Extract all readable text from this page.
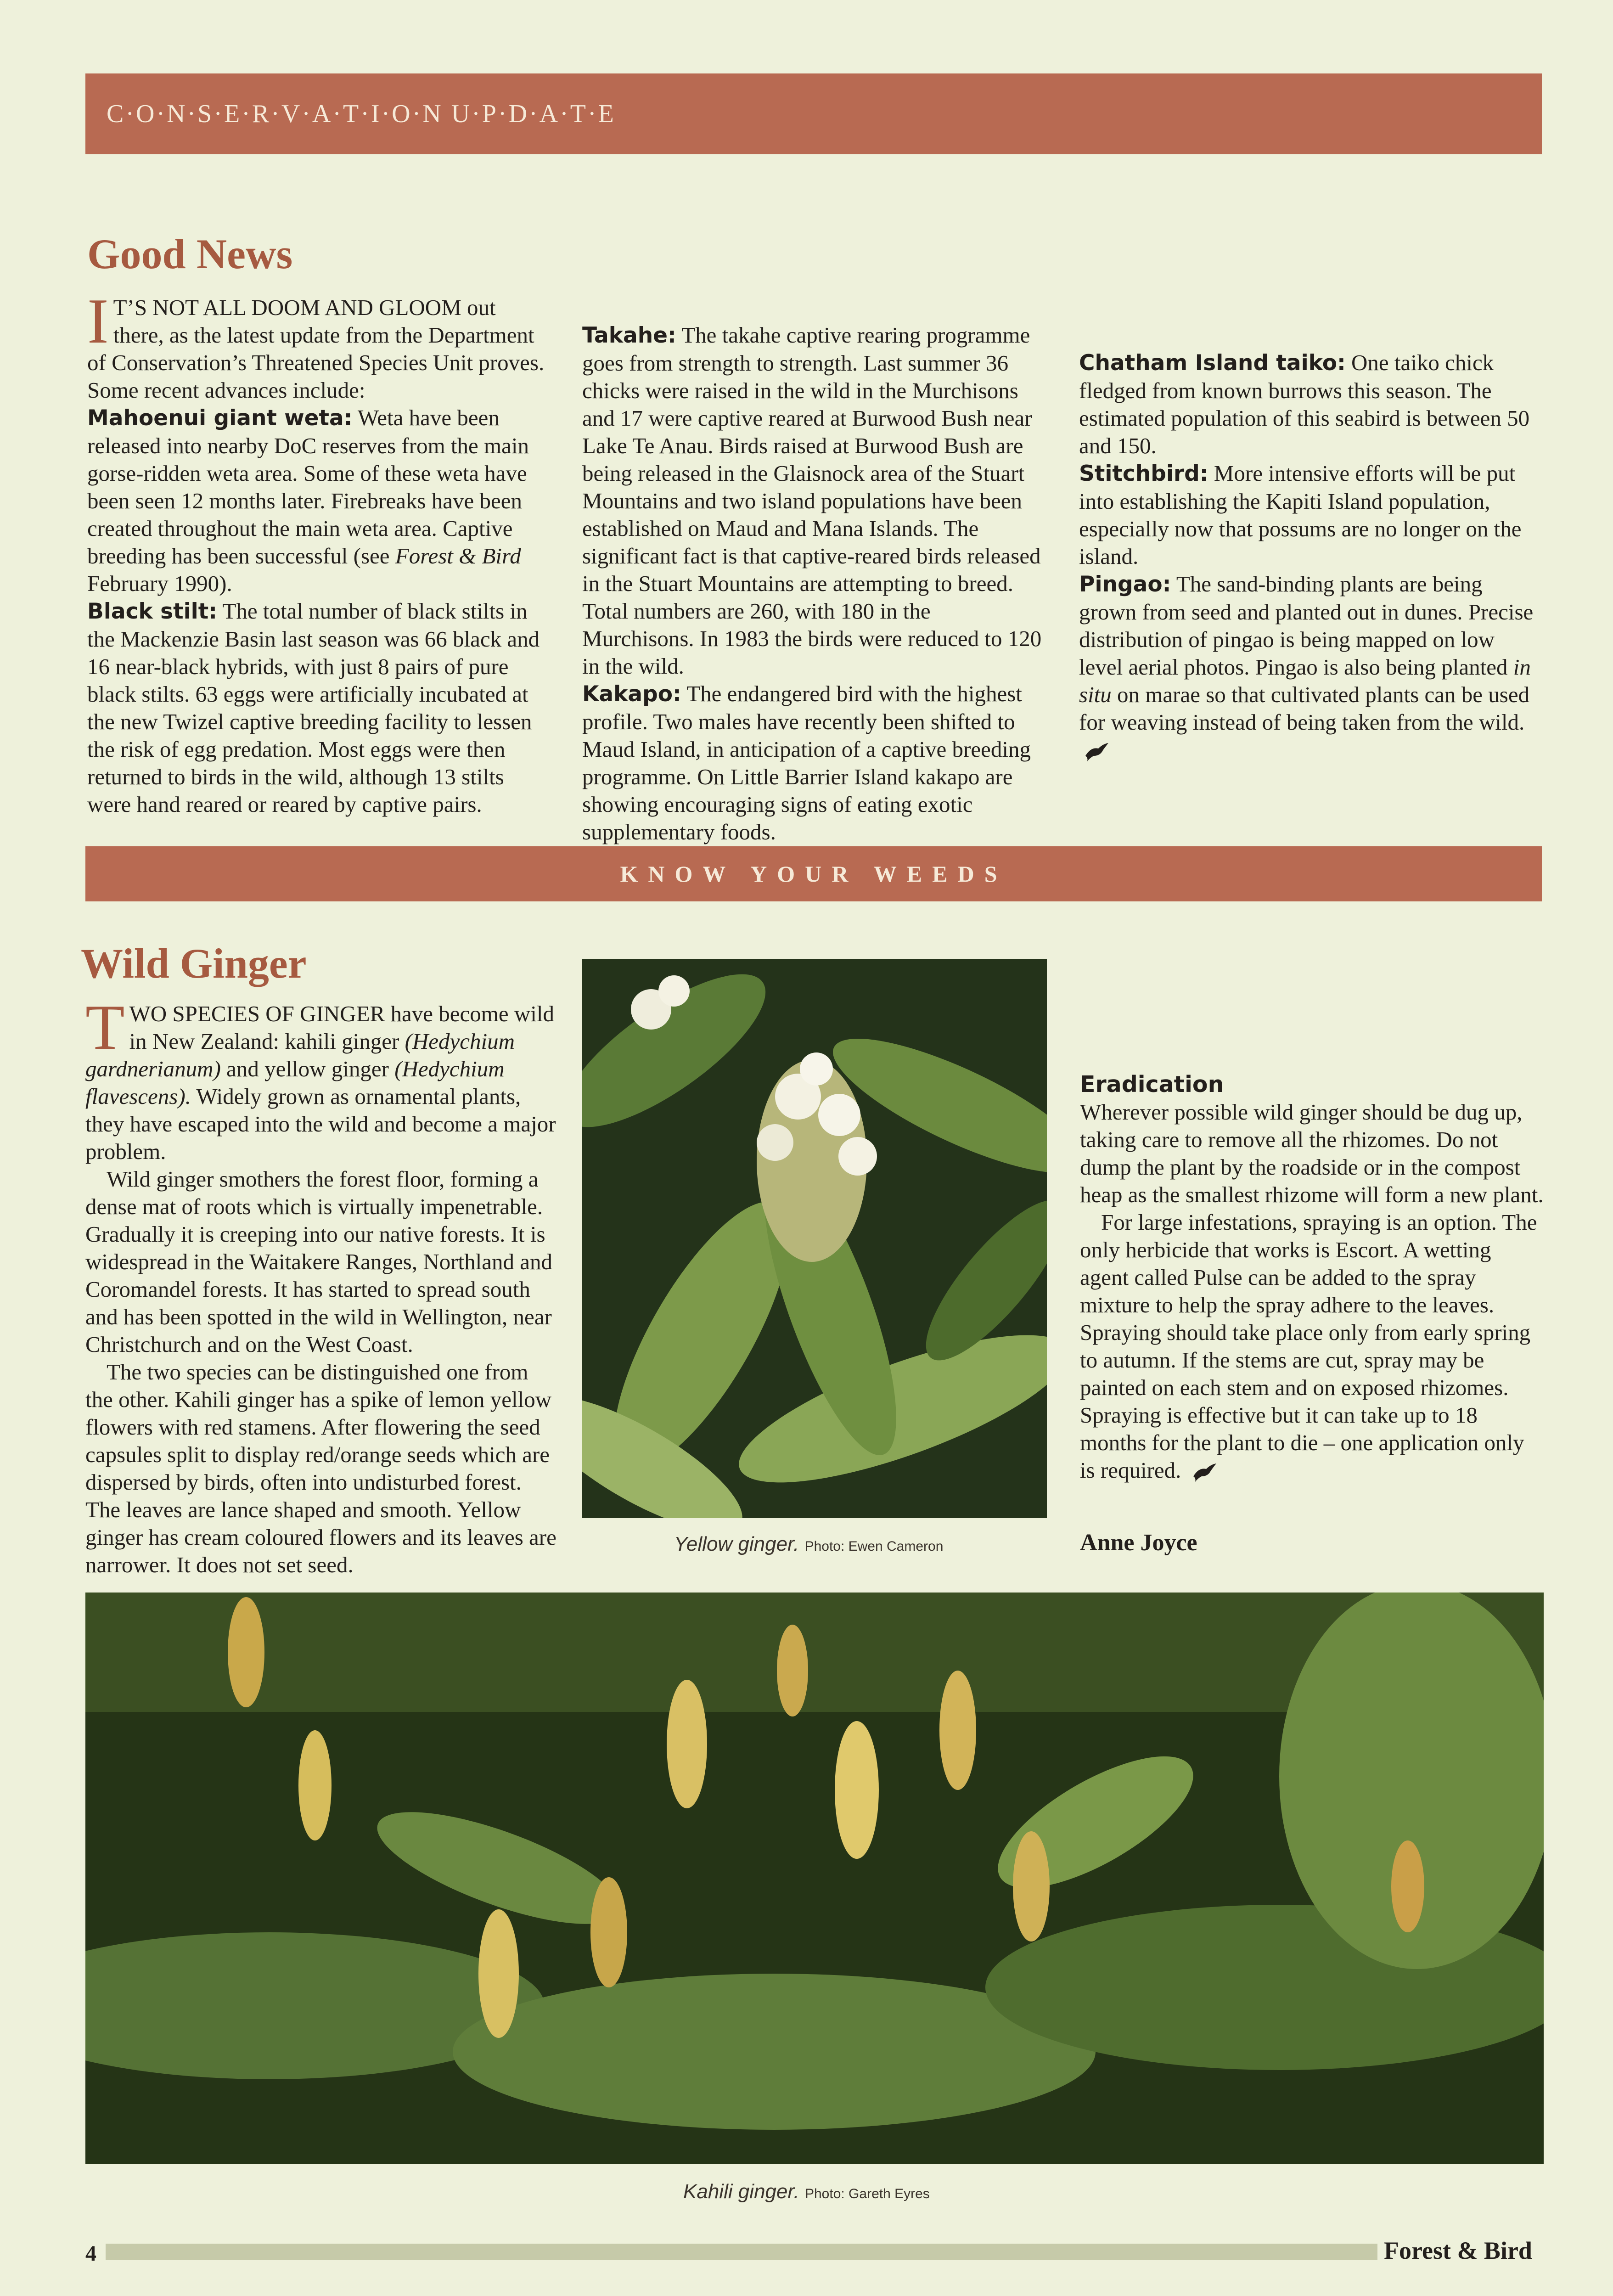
C·O·N·S·E·R·V·A·T·I·O·N U·P·D·A·T·E
Good News

I T’S NOT ALL DOOM AND GLOOM out there, as the latest update from the Department of Conservation’s Threatened Species Unit proves. Some recent advances include:

Mahoenui giant weta: Weta have been released into nearby DoC reserves from the main gorse-ridden weta area. Some of these weta have been seen 12 months later. Firebreaks have been created throughout the main weta area. Captive breeding has been successful (see Forest & Bird February 1990).

Black stilt: The total number of black stilts in the Mackenzie Basin last season was 66 black and 16 near-black hybrids, with just 8 pairs of pure black stilts. 63 eggs were artificially incubated at the new Twizel captive breeding facility to lessen the risk of egg predation. Most eggs were then returned to birds in the wild, although 13 stilts were hand reared or reared by captive pairs.

Takahe: The takahe captive rearing programme goes from strength to strength. Last summer 36 chicks were raised in the wild in the Murchisons and 17 were captive reared at Burwood Bush near Lake Te Anau. Birds raised at Burwood Bush are being released in the Glaisnock area of the Stuart Mountains and two island populations have been established on Maud and Mana Islands. The significant fact is that captive-reared birds released in the Stuart Mountains are attempting to breed. Total numbers are 260, with 180 in the Murchisons. In 1983 the birds were reduced to 120 in the wild.

Kakapo: The endangered bird with the highest profile. Two males have recently been shifted to Maud Island, in anticipation of a captive breeding programme. On Little Barrier Island kakapo are showing encouraging signs of eating exotic supplementary foods.

Chatham Island taiko: One taiko chick fledged from known burrows this season. The estimated population of this seabird is between 50 and 150.

Stitchbird: More intensive efforts will be put into establishing the Kapiti Island population, especially now that possums are no longer on the island.

Pingao: The sand-binding plants are being grown from seed and planted out in dunes. Precise distribution of pingao is being mapped on low level aerial photos. Pingao is also being planted in situ on marae so that cultivated plants can be used for weaving instead of being taken from the wild.

KNOW YOUR WEEDS
Wild Ginger

T WO SPECIES OF GINGER have become wild in New Zealand: kahili ginger (Hedychium gardnerianum) and yellow ginger (Hedychium flavescens). Widely grown as ornamental plants, they have escaped into the wild and become a major problem.

Wild ginger smothers the forest floor, forming a dense mat of roots which is virtually impenetrable. Gradually it is creeping into our native forests. It is widespread in the Waitakere Ranges, Northland and Coromandel forests. It has started to spread south and has been spotted in the wild in Wellington, near Christchurch and on the West Coast.

The two species can be distinguished one from the other. Kahili ginger has a spike of lemon yellow flowers with red stamens. After flowering the seed capsules split to display red/orange seeds which are dispersed by birds, often into undisturbed forest. The leaves are lance shaped and smooth. Yellow ginger has cream coloured flowers and its leaves are narrower. It does not set seed.

Yellow ginger. Photo: Ewen Cameron

Eradication

Wherever possible wild ginger should be dug up, taking care to remove all the rhizomes. Do not dump the plant by the roadside or in the compost heap as the smallest rhizome will form a new plant.

For large infestations, spraying is an option. The only herbicide that works is Escort. A wetting agent called Pulse can be added to the spray mixture to help the spray adhere to the leaves. Spraying should take place only from early spring to autumn. If the stems are cut, spray may be painted on each stem and on exposed rhizomes. Spraying is effective but it can take up to 18 months for the plant to die – one application only is required.

Anne Joyce
Kahili ginger. Photo: Gareth Eyres
4	Forest & Bird
